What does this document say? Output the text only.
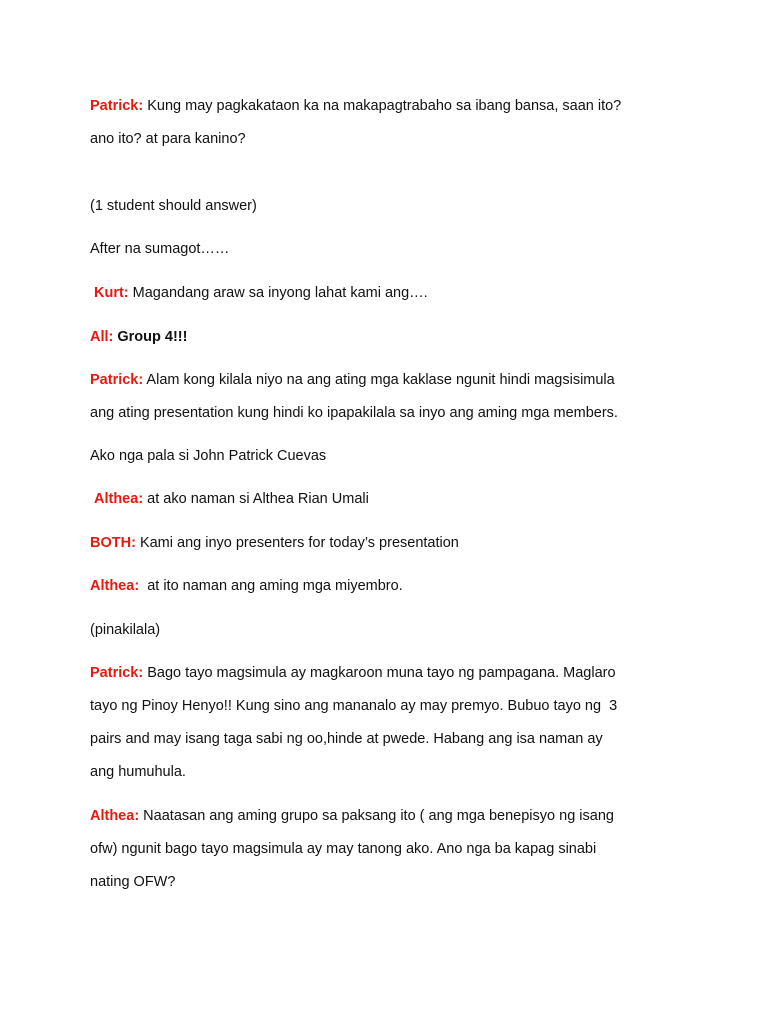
Patrick: Kung may pagkakataon ka na makapagtrabaho sa ibang bansa, saan ito?
ano ito? at para kanino?
(1 student should answer)
After na sumagot……
Kurt: Magandang araw sa inyong lahat kami ang….
All: Group 4!!!
Patrick: Alam kong kilala niyo na ang ating mga kaklase ngunit hindi magsisimula
ang ating presentation kung hindi ko ipapakilala sa inyo ang aming mga members.
Ako nga pala si John Patrick Cuevas
Althea: at ako naman si Althea Rian Umali
BOTH: Kami ang inyo presenters for today’s presentation
Althea:  at ito naman ang aming mga miyembro.
(pinakilala)
Patrick: Bago tayo magsimula ay magkaroon muna tayo ng pampagana. Maglaro
tayo ng Pinoy Henyo!! Kung sino ang mananalo ay may premyo. Bubuo tayo ng  3
pairs and may isang taga sabi ng oo,hinde at pwede. Habang ang isa naman ay
ang humuhula.
Althea: Naatasan ang aming grupo sa paksang ito ( ang mga benepisyo ng isang
ofw) ngunit bago tayo magsimula ay may tanong ako. Ano nga ba kapag sinabi
nating OFW?
